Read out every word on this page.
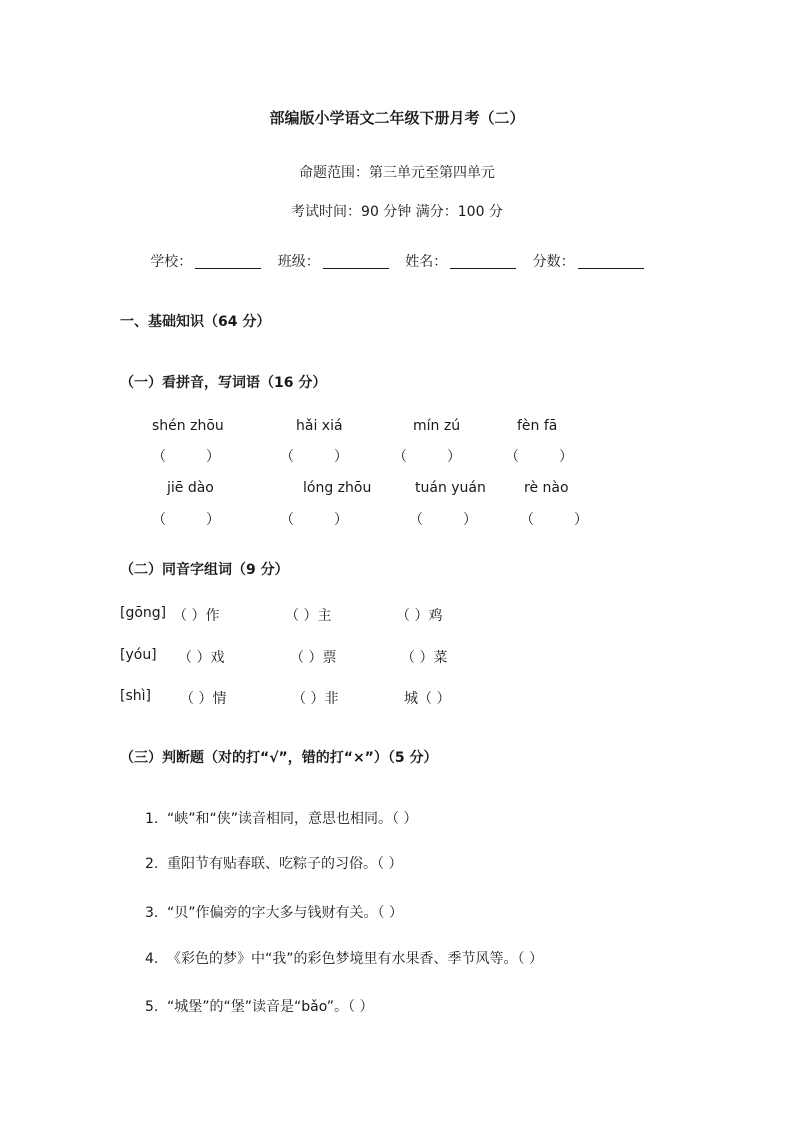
部编版小学语文二年级下册月考（二）
命题范围：第三单元至第四单元
考试时间：90 分钟 满分：100 分
学校：	班级：	姓名：	分数：
一、基础知识（64 分）
（一）看拼音，写词语（16 分）
shén zhōu	hǎi xiá	mín zú	fèn fā
（	）	（	）	（	）	（	）
jiē dào	lóng zhōu	tuán yuán	rè nào
（	）	（	）	（	）	（	）
（二）同音字组词（9 分）
[gōng] （ ）作	（ ）主	（ ）鸡
[yóu] （ ）戏	（ ）票	（ ）菜
[shì] （ ）情	（ ）非	城（ ）
（三）判断题（对的打“√”，错的打“×”）（5 分）
1. “峡”和“侠”读音相同，意思也相同。（ ）
2. 重阳节有贴春联、吃粽子的习俗。（ ）
3. “贝”作偏旁的字大多与钱财有关。（ ）
4. 《彩色的梦》中“我”的彩色梦境里有水果香、季节风等。（ ）
5. “城堡”的“堡”读音是“bǎo”。（ ）
